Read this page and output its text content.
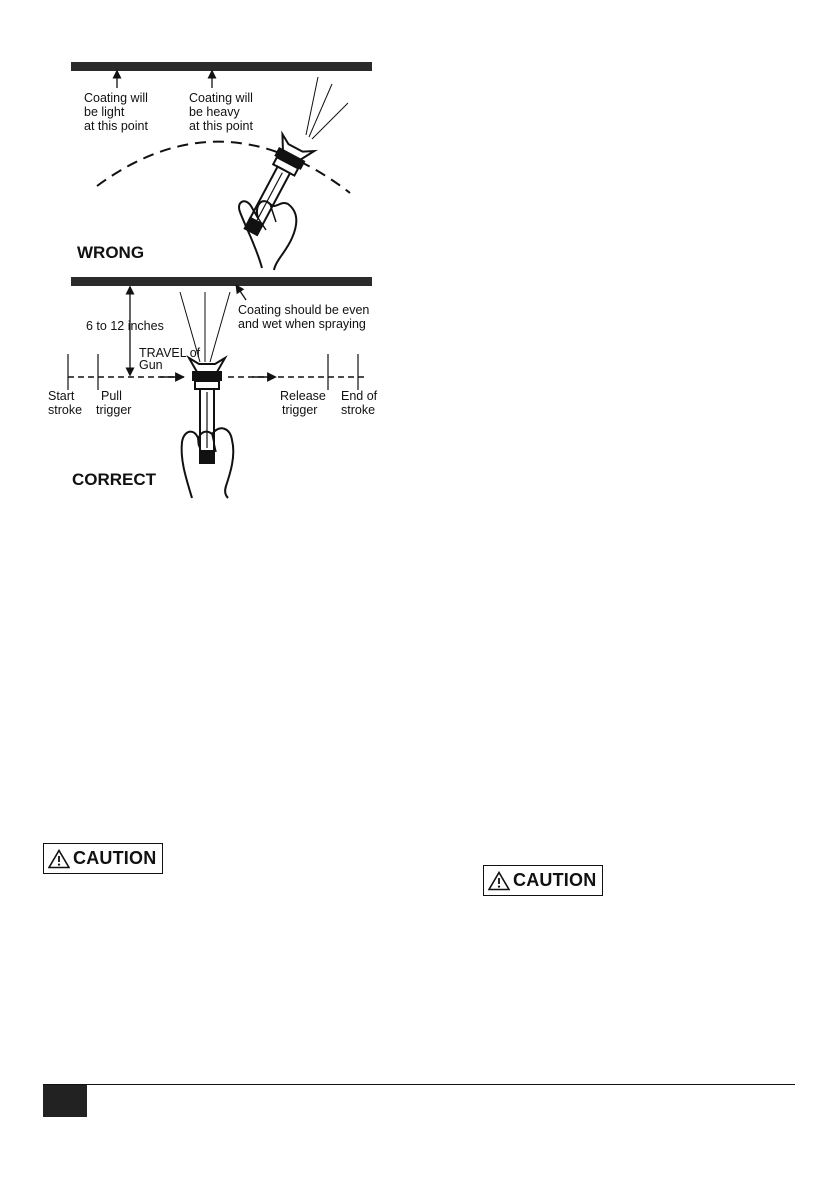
Coating will be light at this point
Coating will be heavy at this point
WRONG
6 to 12 inches
TRAVEL of Gun
Coating should be even and wet when spraying
Start stroke
Pull trigger
Release trigger
End of stroke
CORRECT
CAUTION
CAUTION
